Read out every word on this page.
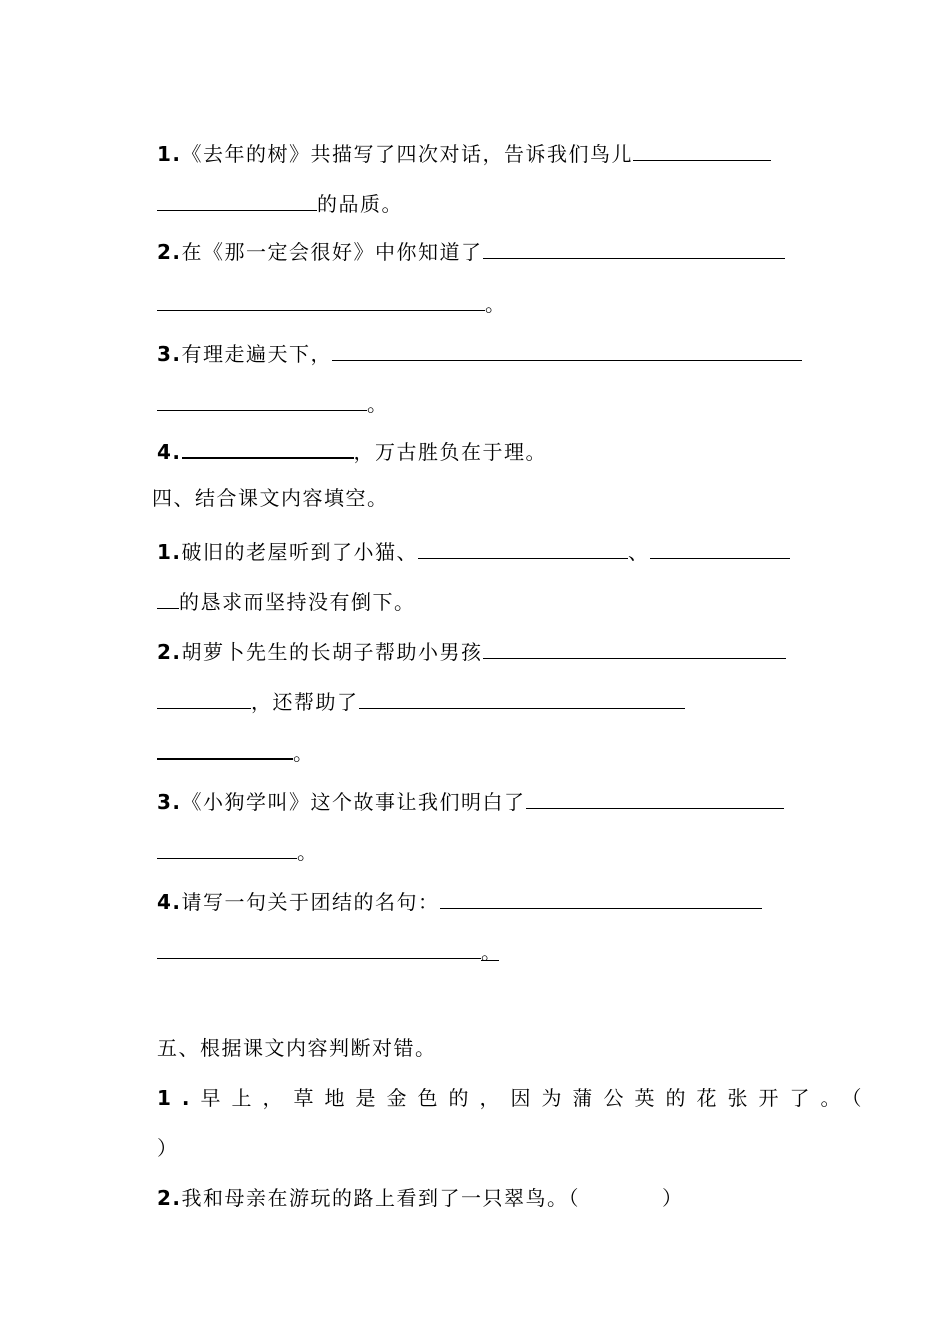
1.《去年的树》共描写了四次对话，告诉我们鸟儿
的品质。
2.在《那一定会很好》中你知道了
。
3.有理走遍天下，
。
4.	，万古胜负在于理。
四、结合课文内容填空。
1.破旧的老屋听到了小猫、	、
的恳求而坚持没有倒下。
2.胡萝卜先生的长胡子帮助小男孩
，还帮助了
。
3.《小狗学叫》这个故事让我们明白了
。
4.请写一句关于团结的名句：
。
五、根据课文内容判断对错。
1.早上，草地是金色的，因为蒲公英的花张开了。（
）
2.我和母亲在游玩的路上看到了一只翠鸟。（	）
